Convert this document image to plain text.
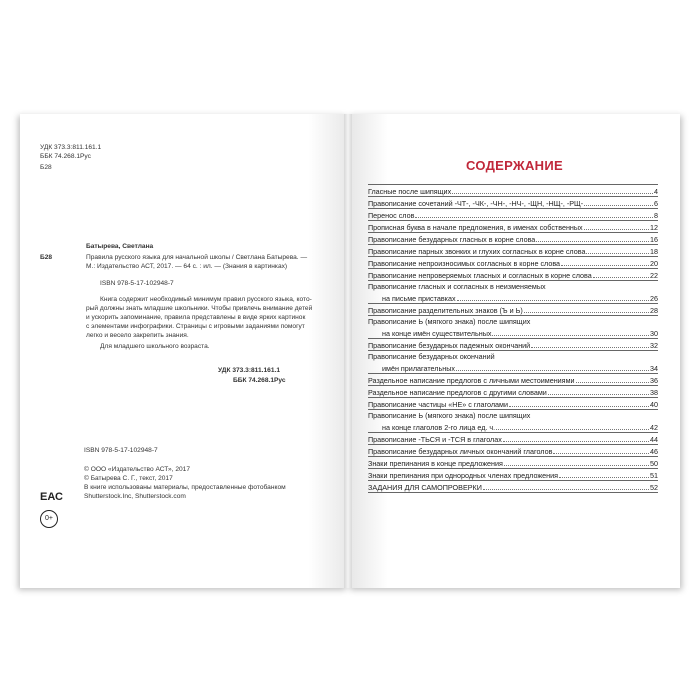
УДК 373.3:811.161.1
ББК 74.268.1Рус
Б28
Б28
Батырева, Светлана
Правила русского языка для начальной школы / Светлана Батырева. —
М.: Издательство АСТ, 2017. — 64 с. : ил. — (Знания в картинках)
ISBN 978-5-17-102948-7
Книга содержит необходимый минимум правил русского языка, кото-
рый должны знать младшие школьники. Чтобы привлечь внимание детей
и ускорить запоминание, правила представлены в виде ярких картинок
с элементами инфографики. Страницы с игровыми заданиями помогут
легко и весело закрепить знания.
Для младшего школьного возраста.
УДК 373.3:811.161.1
ББК 74.268.1Рус
ISBN 978-5-17-102948-7
© ООО «Издательство АСТ», 2017
© Батырева С. Г., текст, 2017
В книге использованы материалы, предоставленные фотобанком
Shutterstock.Inc, Shutterstock.com
ЕАС
0+
СОДЕРЖАНИЕ
Гласные после шипящих	4
Правописание сочетаний -ЧТ-, -ЧК-, -ЧН-, -НЧ-, -ЩН, -НЩ-, -РЩ-	6
Перенос слов	8
Прописная буква в начале предложения, в именах собственных	12
Правописание безударных гласных в корне слова	16
Правописание парных звонких и глухих согласных в корне слова	18
Правописание непроизносимых согласных в корне слова	20
Правописание непроверяемых гласных и согласных в корне слова	22
Правописание гласных и согласных в неизменяемых
на письме приставках	26
Правописание разделительных знаков (Ъ и Ь)	28
Правописание Ь (мягкого знака) после шипящих
на конце имён существительных	30
Правописание безударных падежных окончаний	32
Правописание безударных окончаний
имён прилагательных	34
Раздельное написание предлогов с личными местоимениями	36
Раздельное написание предлогов с другими словами	38
Правописание частицы «НЕ» с глаголами	40
Правописание Ь (мягкого знака) после шипящих
на конце глаголов 2-го лица ед. ч.	42
Правописание -ТЬСЯ и -ТСЯ в глаголах	44
Правописание безударных личных окончаний глаголов	46
Знаки препинания в конце предложения	50
Знаки препинания при однородных членах предложения	51
ЗАДАНИЯ ДЛЯ САМОПРОВЕРКИ	52
